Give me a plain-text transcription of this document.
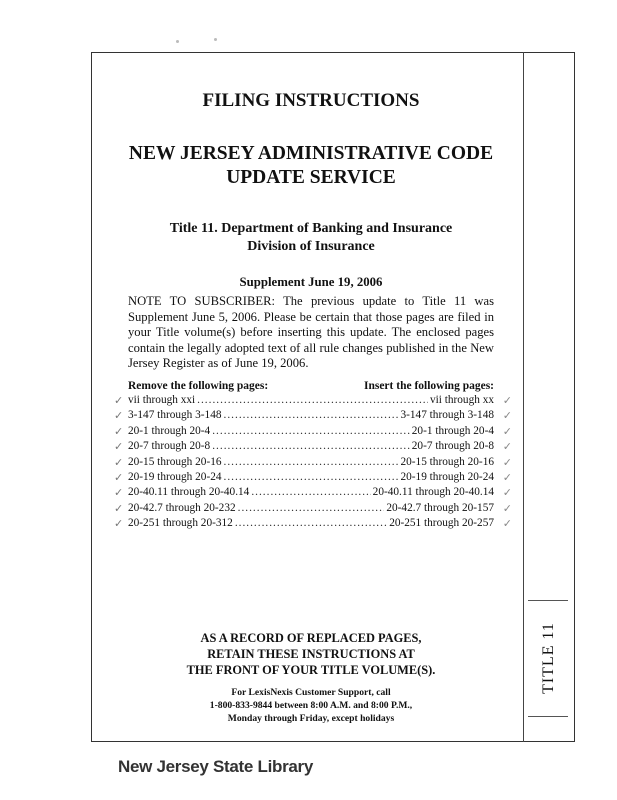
TITLE 11
FILING INSTRUCTIONS
NEW JERSEY ADMINISTRATIVE CODE
UPDATE SERVICE
Title 11. Department of Banking and Insurance
Division of Insurance
Supplement June 19, 2006

NOTE TO SUBSCRIBER: The previous update to Title 11 was Supplement June 5, 2006. Please be certain that those pages are filed in your Title volume(s) before inserting this update. The enclosed pages contain the legally adopted text of all rule changes published in the New Jersey Register as of June 19, 2006.

Remove the following pages:	Insert the following pages:
✓ vii through xxi .....	vii through xx ✓
✓ 3-147 through 3-148 .....	3-147 through 3-148 ✓
✓ 20-1 through 20-4 .....	20-1 through 20-4 ✓
✓ 20-7 through 20-8 .....	20-7 through 20-8 ✓
✓ 20-15 through 20-16 .....	20-15 through 20-16 ✓
✓ 20-19 through 20-24 .....	20-19 through 20-24 ✓
✓ 20-40.11 through 20-40.14 .....	20-40.11 through 20-40.14 ✓
✓ 20-42.7 through 20-232 .....	20-42.7 through 20-157 ✓
✓ 20-251 through 20-312 .....	20-251 through 20-257 ✓
AS A RECORD OF REPLACED PAGES,
RETAIN THESE INSTRUCTIONS AT
THE FRONT OF YOUR TITLE VOLUME(S).
For LexisNexis Customer Support, call
1-800-833-9844 between 8:00 A.M. and 8:00 P.M.,
Monday through Friday, except holidays
New Jersey State Library
